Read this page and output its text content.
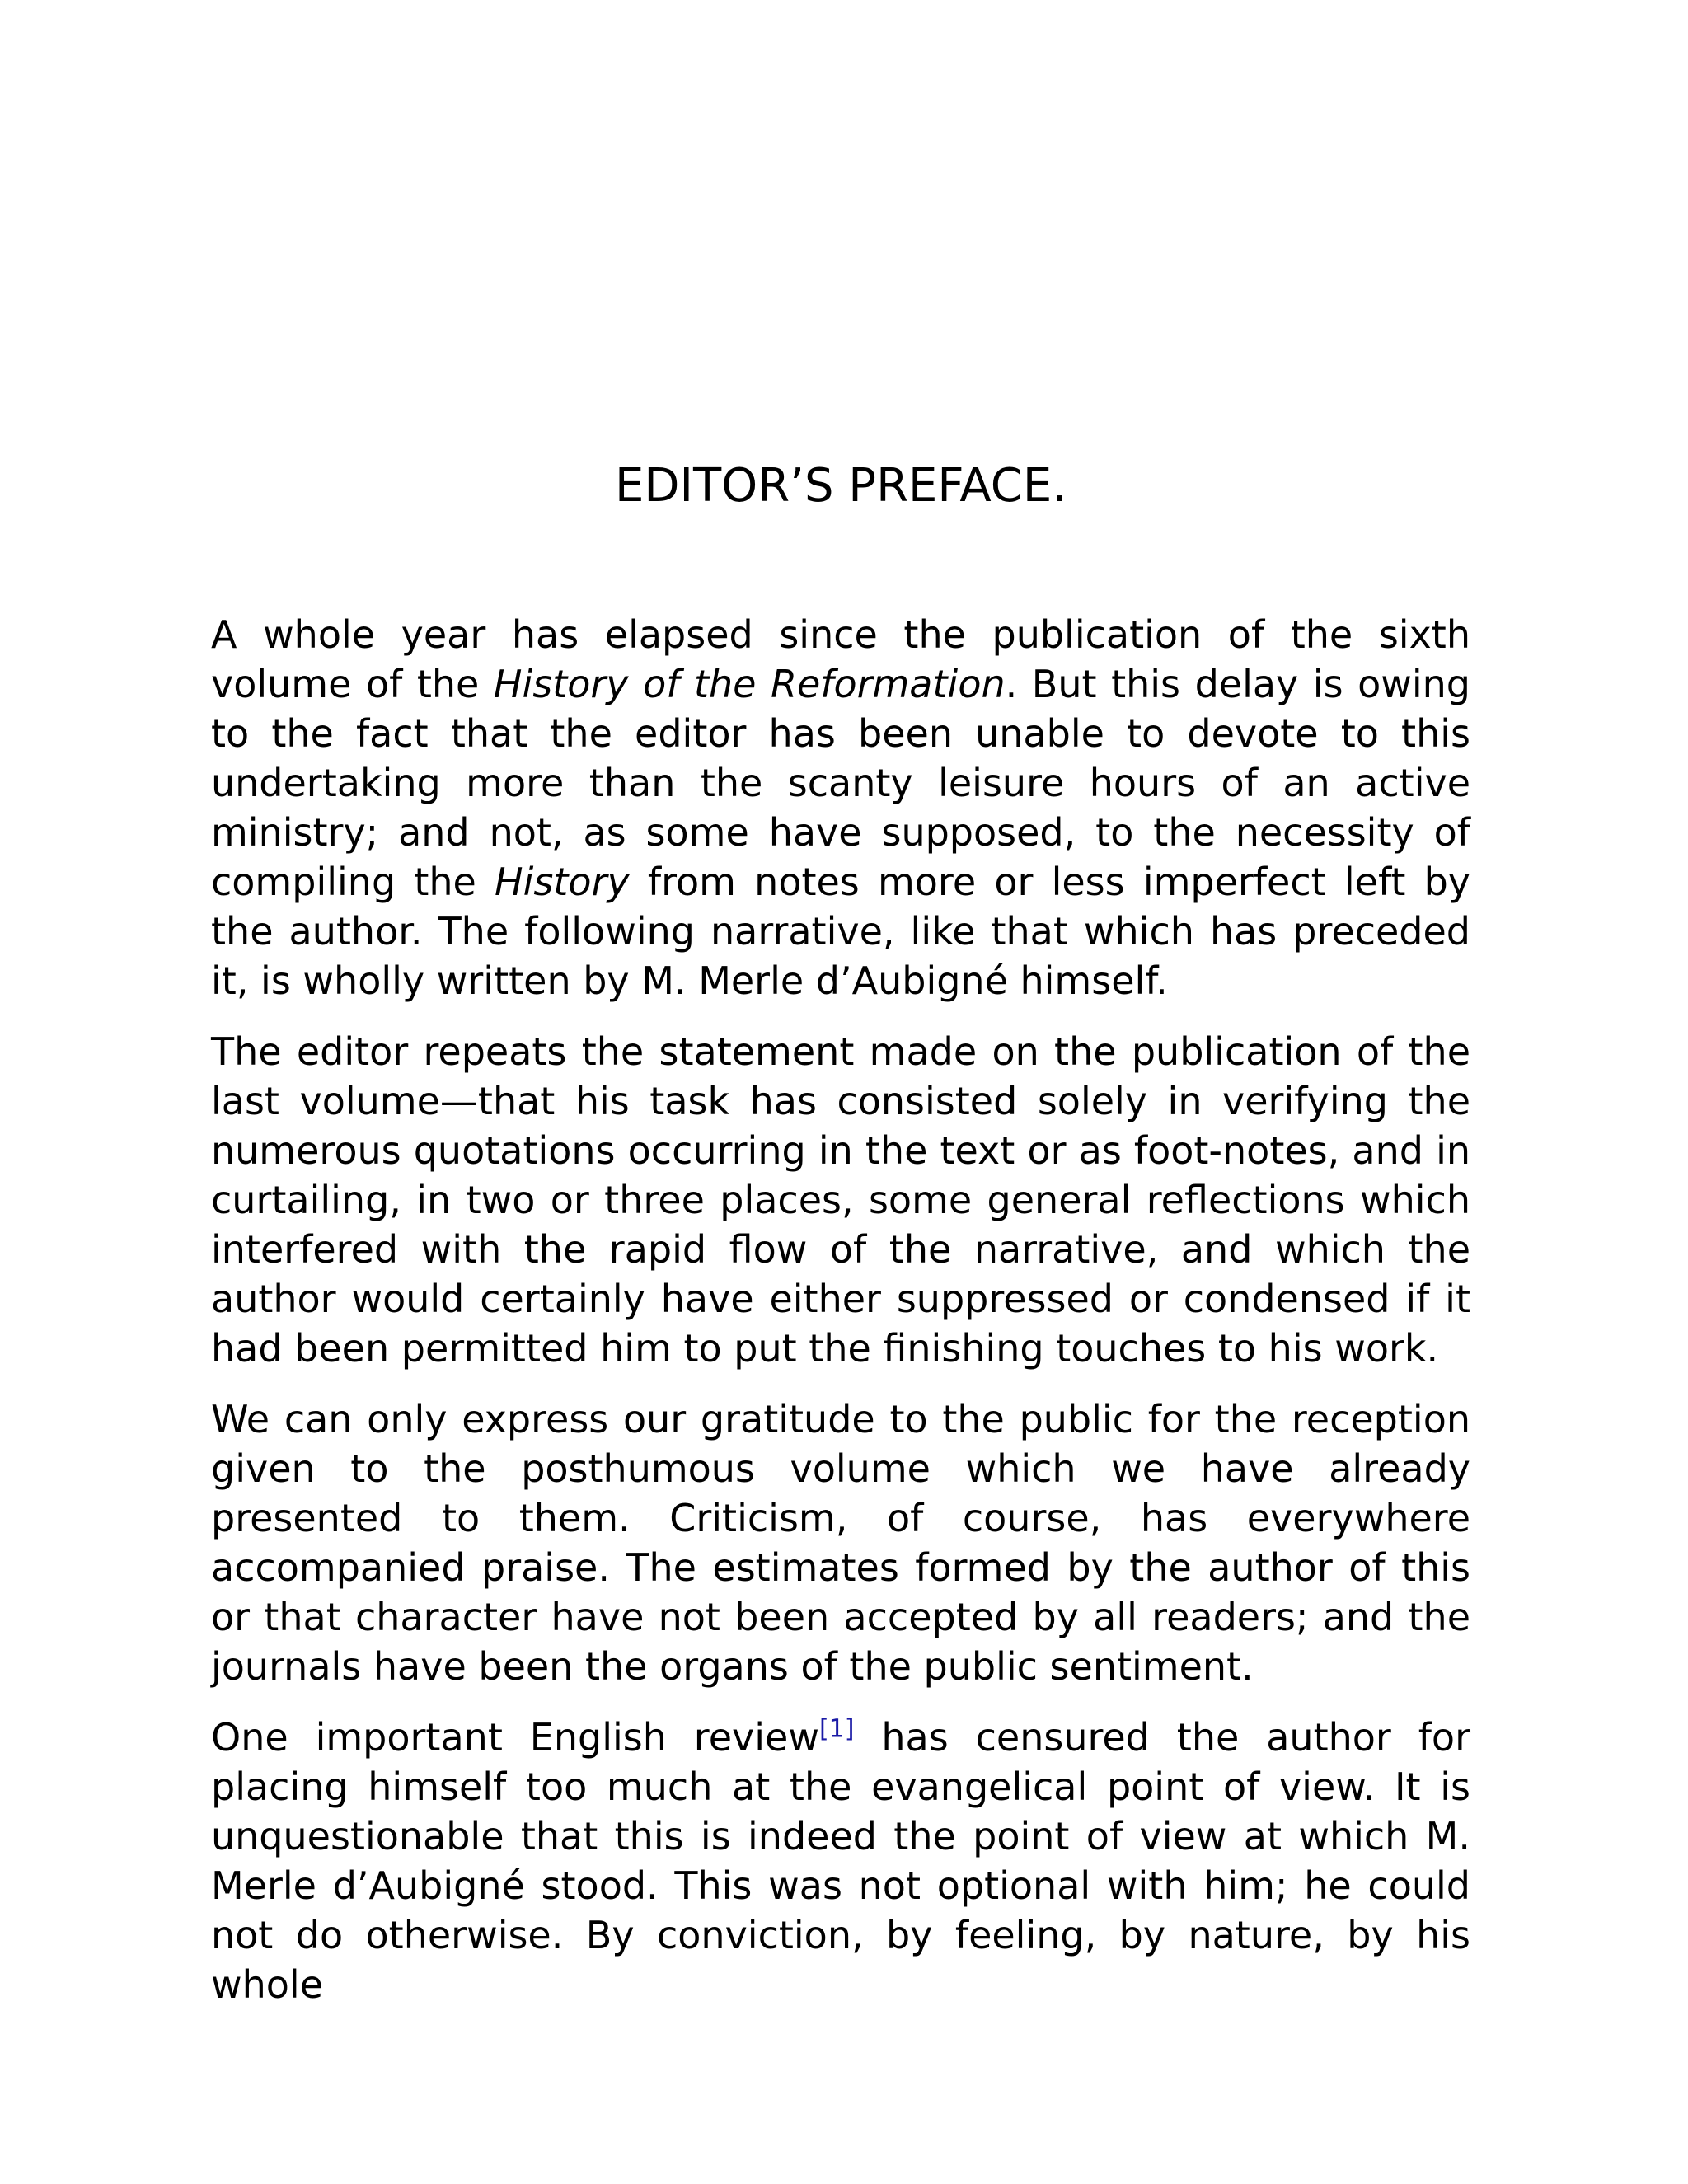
EDITOR’S PREFACE.

A whole year has elapsed since the publication of the sixth volume of the History of the Reformation. But this delay is owing to the fact that the editor has been unable to devote to this undertaking more than the scanty leisure hours of an active ministry; and not, as some have supposed, to the necessity of compiling the History from notes more or less imperfect left by the author. The following narrative, like that which has preceded it, is wholly written by M. Merle d’Aubigné himself.

The editor repeats the statement made on the publication of the last volume—that his task has consisted solely in verifying the numerous quotations occurring in the text or as foot-notes, and in curtailing, in two or three places, some general reflections which interfered with the rapid flow of the narrative, and which the author would certainly have either suppressed or condensed if it had been permitted him to put the finishing touches to his work.

We can only express our gratitude to the public for the reception given to the posthumous volume which we have already presented to them. Criticism, of course, has everywhere accompanied praise. The estimates formed by the author of this or that character have not been accepted by all readers; and the journals have been the organs of the public sentiment.

One important English review[1] has censured the author for placing himself too much at the evangelical point of view. It is unquestionable that this is indeed the point of view at which M. Merle d’Aubigné stood. This was not optional with him; he could not do otherwise. By conviction, by feeling, by nature, by his whole
